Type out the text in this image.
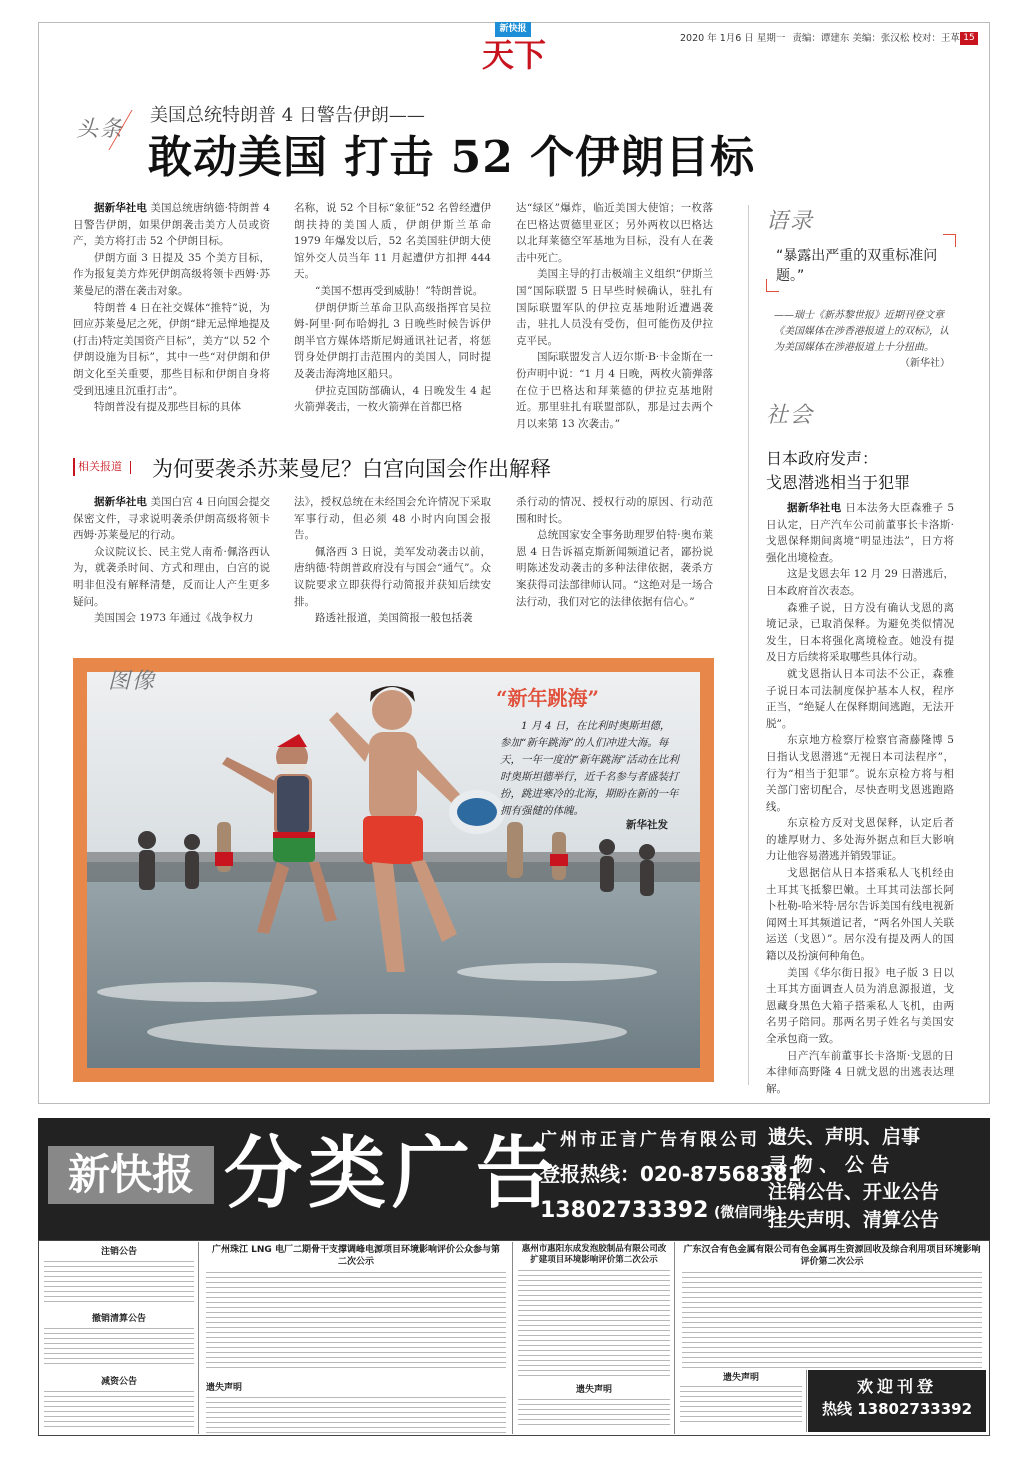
新快报
天下	2020 年 1月6 日 星期一 责编：谭建东 美编：张汉松 校对：王革 15
头条
美国总统特朗普 4 日警告伊朗——
敢动美国 打击 52 个伊朗目标

据新华社电 美国总统唐纳德·特朗普 4 日警告伊朗，如果伊朗袭击美方人员或资产，美方将打击 52 个伊朗目标。

伊朗方面 3 日提及 35 个美方目标，作为报复美方炸死伊朗高级将领卡西姆·苏莱曼尼的潜在袭击对象。

特朗普 4 日在社交媒体“推特”说，为回应苏莱曼尼之死，伊朗“肆无忌惮地提及(打击)特定美国资产目标”，美方“以 52 个伊朗设施为目标”，其中一些“对伊朗和伊朗文化至关重要，那些目标和伊朗自身将受到迅速且沉重打击”。

特朗普没有提及那些目标的具体

名称，说 52 个目标“象征”52 名曾经遭伊朗扶持的美国人质，伊朗伊斯兰革命 1979 年爆发以后，52 名美国驻伊朗大使馆外交人员当年 11 月起遭伊方扣押 444 天。

“美国不想再受到威胁！”特朗普说。

伊朗伊斯兰革命卫队高级指挥官吴拉姆-阿里·阿布哈姆扎 3 日晚些时候告诉伊朗半官方媒体塔斯尼姆通讯社记者，将惩罚身处伊朗打击范围内的美国人，同时提及袭击海湾地区船只。

伊拉克国防部确认，4 日晚发生 4 起火箭弹袭击，一枚火箭弹在首都巴格

达“绿区”爆炸，临近美国大使馆；一枚落在巴格达贾德里亚区；另外两枚以巴格达以北拜莱德空军基地为目标，没有人在袭击中死亡。

美国主导的打击极端主义组织“伊斯兰国”国际联盟 5 日早些时候确认，驻扎有国际联盟军队的伊拉克基地附近遭遇袭击，驻扎人员没有受伤，但可能伤及伊拉克平民。

国际联盟发言人迈尔斯·B·卡金斯在一份声明中说：“1 月 4 日晚，两枚火箭弹落在位于巴格达和拜莱德的伊拉克基地附近。那里驻扎有联盟部队，那是过去两个月以来第 13 次袭击。”

语录
“暴露出严重的双重标准问题。”
——瑞士《新苏黎世报》近期刊登文章《美国媒体在涉香港报道上的双标》，认为美国媒体在涉港报道上十分扭曲。
（新华社）
社会
日本政府发声：
戈恩潜逃相当于犯罪

据新华社电 日本法务大臣森雅子 5 日认定，日产汽车公司前董事长卡洛斯·戈恩保释期间离境“明显违法”，日方将强化出境检查。

这是戈恩去年 12 月 29 日潜逃后，日本政府首次表态。

森雅子说，日方没有确认戈恩的离境记录，已取消保释。为避免类似情况发生，日本将强化离境检查。她没有提及日方后续将采取哪些具体行动。

就戈恩指认日本司法不公正，森雅子说日本司法制度保护基本人权，程序正当，“绝疑人在保释期间逃跑，无法开脱”。

东京地方检察厅检察官斋藤隆博 5 日指认戈恩潜逃“无视日本司法程序”，行为“相当于犯罪”。说东京检方将与相关部门密切配合，尽快查明戈恩逃跑路线。

东京检方反对戈恩保释，认定后者的雄厚财力、多处海外据点和巨大影响力让他容易潜逃并销毁罪证。

戈恩据信从日本搭乘私人飞机经由土耳其飞抵黎巴嫩。土耳其司法部长阿卜杜勒-哈米特·居尔告诉美国有线电视新闻网土耳其频道记者，“两名外国人关联运送（戈恩）”。居尔没有提及两人的国籍以及扮演何种角色。

美国《华尔街日报》电子版 3 日以土耳其方面调查人员为消息源报道，戈恩藏身黑色大箱子搭乘私人飞机，由两名男子陪同。那两名男子姓名与美国安全承包商一致。

日产汽车前董事长卡洛斯·戈恩的日本律师高野隆 4 日就戈恩的出逃表达理解。

相关报道 为何要袭杀苏莱曼尼？白宫向国会作出解释

据新华社电 美国白宫 4 日向国会提交保密文件，寻求说明袭杀伊朗高级将领卡西姆·苏莱曼尼的行动。

众议院议长、民主党人南希·佩洛西认为，就袭杀时间、方式和理由，白宫的说明非但没有解释清楚，反而让人产生更多疑问。

美国国会 1973 年通过《战争权力

法》，授权总统在未经国会允许情况下采取军事行动，但必须 48 小时内向国会报告。

佩洛西 3 日说，美军发动袭击以前，唐纳德·特朗普政府没有与国会“通气”。众议院要求立即获得行动简报并获知后续安排。

路透社报道，美国简报一般包括袭

杀行动的情况、授权行动的原因、行动范围和时长。

总统国家安全事务助理罗伯特·奥布莱恩 4 日告诉福克斯新闻频道记者，鄙扮说明陈述发动袭击的多种法律依据，袭杀方案获得司法部律师认同。“这绝对是一场合法行动，我们对它的法律依据有信心。”

图像
“新年跳海”
1 月 4 日，在比利时奥斯坦德，参加“新年跳海”的人们冲进大海。每天，一年一度的“新年跳海”活动在比利时奥斯坦德举行，近千名参与者盛装打扮，跳进寒冷的北海，期盼在新的一年拥有强健的体魄。
新华社发
新快报 分类广告
广州市正言广告有限公司
登报热线：020-87568381
13802733392 (微信同步)
遗失、声明、启事
寻 物 、 公 告
注销公告、开业公告
挂失声明、清算公告
注销公告
撤销清算公告
减资公告
广州珠江 LNG 电厂二期骨干支撑调峰电源项目环境影响评价公众参与第二次公示
遗失声明
惠州市惠阳东成发泡胶制品有限公司改扩建项目环境影响评价第二次公示
遗失声明
广东汉合有色金属有限公司有色金属再生资源回收及综合利用项目环境影响评价第二次公示
遗失声明	欢迎刊登
热线 13802733392
